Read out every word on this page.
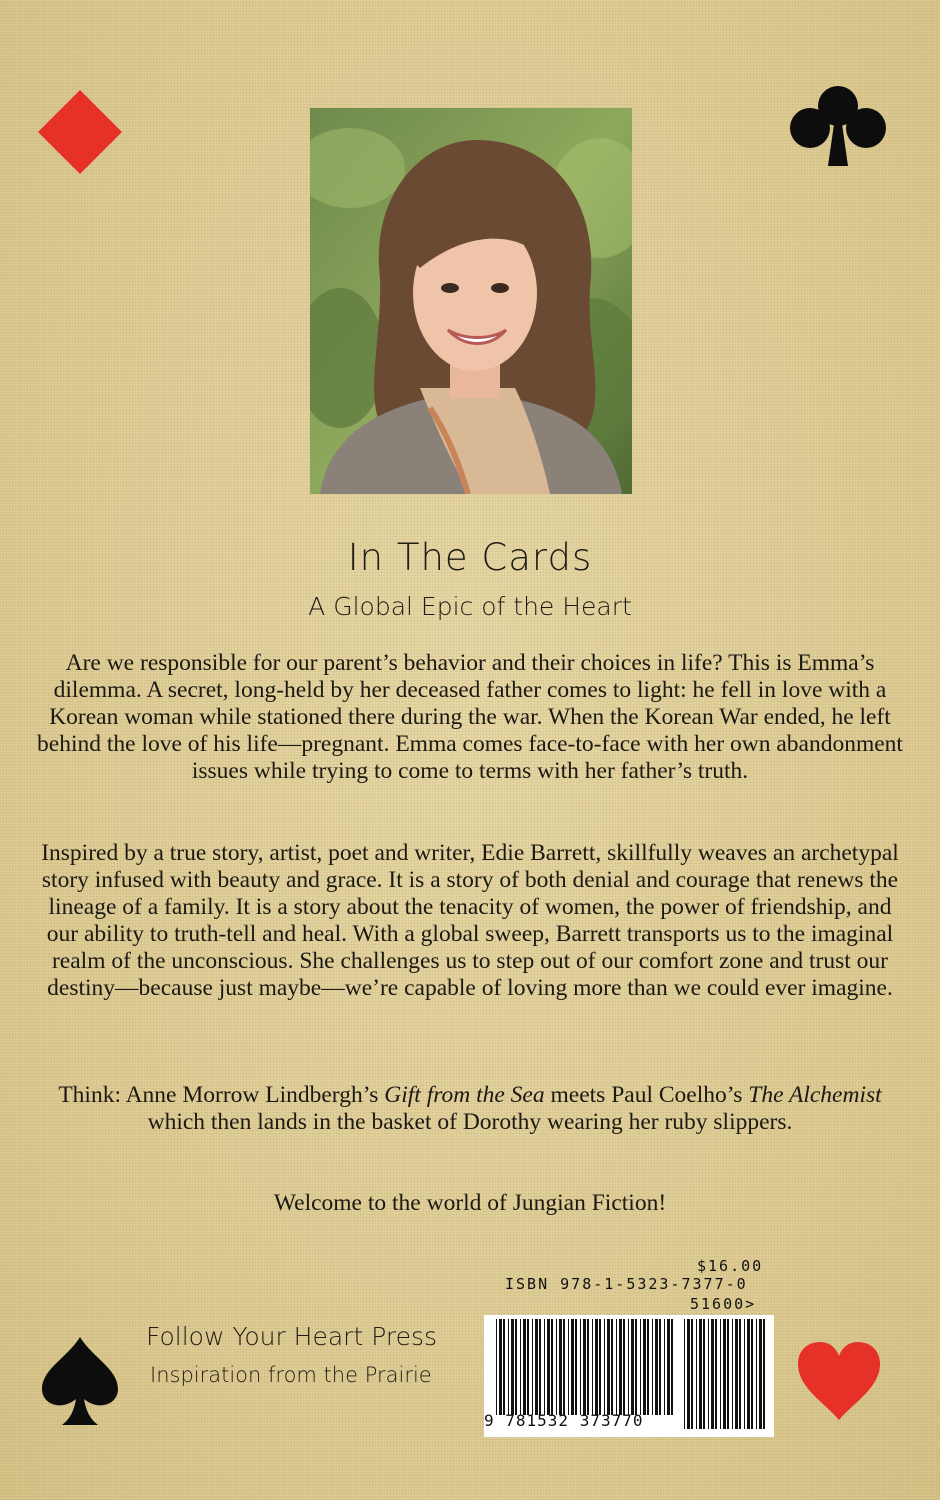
In The Cards
A Global Epic of the Heart

Are we responsible for our parent’s behavior and their choices in life? This is Emma’s dilemma. A secret, long-held by her deceased father comes to light: he fell in love with a Korean woman while stationed there during the war. When the Korean War ended, he left behind the love of his life—pregnant. Emma comes face-to-face with her own abandonment issues while trying to come to terms with her father’s truth.

Inspired by a true story, artist, poet and writer, Edie Barrett, skillfully weaves an archetypal story infused with beauty and grace. It is a story of both denial and courage that renews the lineage of a family. It is a story about the tenacity of women, the power of friendship, and our ability to truth-tell and heal. With a global sweep, Barrett transports us to the imaginal realm of the unconscious. She challenges us to step out of our comfort zone and trust our destiny—because just maybe—we’re capable of loving more than we could ever imagine.

Think: Anne Morrow Lindbergh’s Gift from the Sea meets Paul Coelho’s The Alchemist which then lands in the basket of Dorothy wearing her ruby slippers.

Welcome to the world of Jungian Fiction!

Follow Your Heart Press
Inspiration from the Prairie
$16.00
ISBN 978-1-5323-7377-0
51600>
9 781532 373770
